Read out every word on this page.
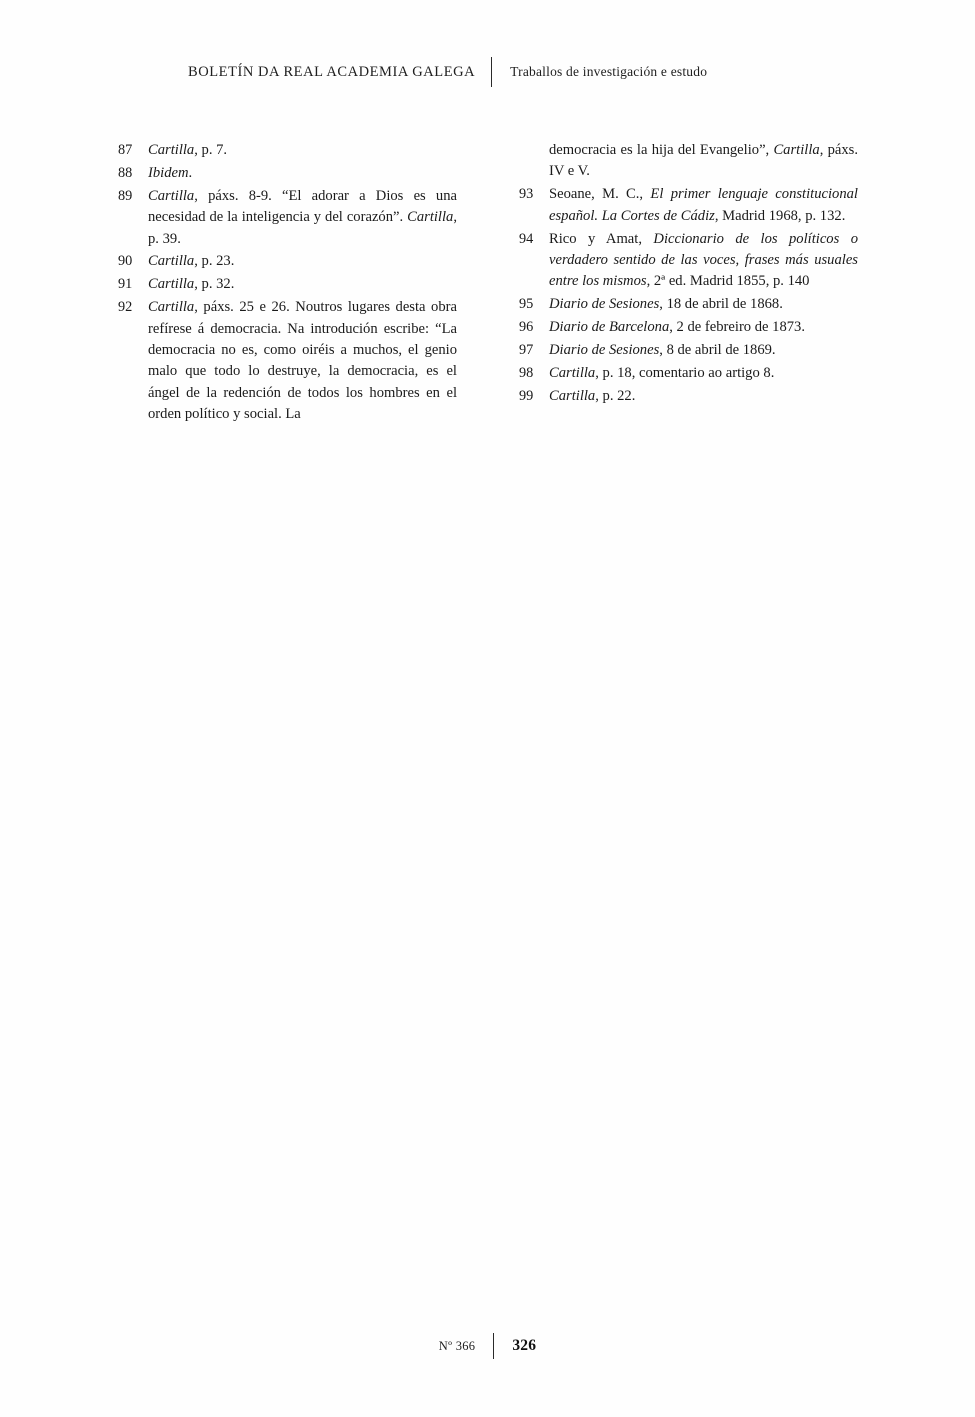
BOLETÍN DA REAL ACADEMIA GALEGA	Traballos de investigación e estudo
87	Cartilla, p. 7.
88	Ibidem.
89	Cartilla, páxs. 8-9. “El adorar a Dios es una necesidad de la inteligencia y del corazón”. Cartilla, p. 39.
90	Cartilla, p. 23.
91	Cartilla, p. 32.
92	Cartilla, páxs. 25 e 26. Noutros lugares desta obra refírese á democracia. Na introdución escribe: “La democracia no es, como oiréis a muchos, el genio malo que todo lo destruye, la democracia, es el ángel de la redención de todos los hombres en el orden político y social. La
democracia es la hija del Evangelio”, Cartilla, páxs. IV e V.
93	Seoane, M. C., El primer lenguaje constitucional español. La Cortes de Cádiz, Madrid 1968, p. 132.
94	Rico y Amat, Diccionario de los políticos o verdadero sentido de las voces, frases más usuales entre los mismos, 2ª ed. Madrid 1855, p. 140
95	Diario de Sesiones, 18 de abril de 1868.
96	Diario de Barcelona, 2 de febreiro de 1873.
97	Diario de Sesiones, 8 de abril de 1869.
98	Cartilla, p. 18, comentario ao artigo 8.
99	Cartilla, p. 22.
Nº 366 326
